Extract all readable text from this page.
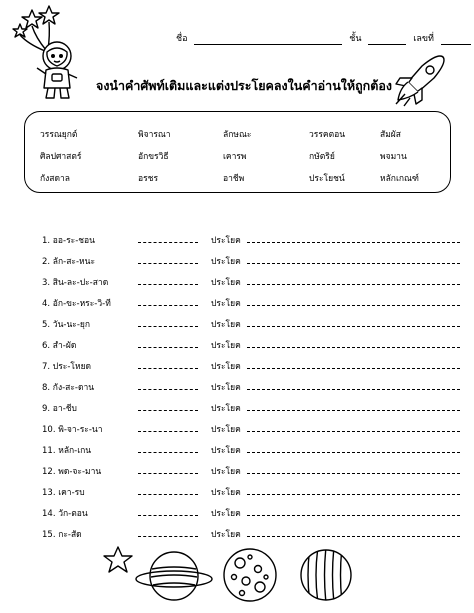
ชื่อ	ชั้น	เลขที่
จงนำคำศัพท์เติมและแต่งประโยคลงในคำอ่านให้ถูกต้อง
วรรณยุกต์	พิจารณา	ลักษณะ	วรรคตอน	สัมผัส
ศิลปศาสตร์	อักขรวิธี	เคารพ	กษัตริย์	พจมาน
กังสดาล	อรชร	อาชีพ	ประโยชน์	หลักเกณฑ์
1. ออ-ระ-ชอน	ประโยค
2. ลัก-สะ-หนะ	ประโยค
3. สิน-ละ-ปะ-สาด	ประโยค
4. อัก-ขะ-หระ-วิ-ที	ประโยค
5. วัน-นะ-ยุก	ประโยค
6. สำ-ผัด	ประโยค
7. ประ-โหยด	ประโยค
8. กัง-สะ-ดาน	ประโยค
9. อา-ชีบ	ประโยค
10. พิ-จา-ระ-นา	ประโยค
11. หลัก-เกน	ประโยค
12. พด-จะ-มาน	ประโยค
13. เคา-รบ	ประโยค
14. วัก-ตอน	ประโยค
15. กะ-สัด	ประโยค
